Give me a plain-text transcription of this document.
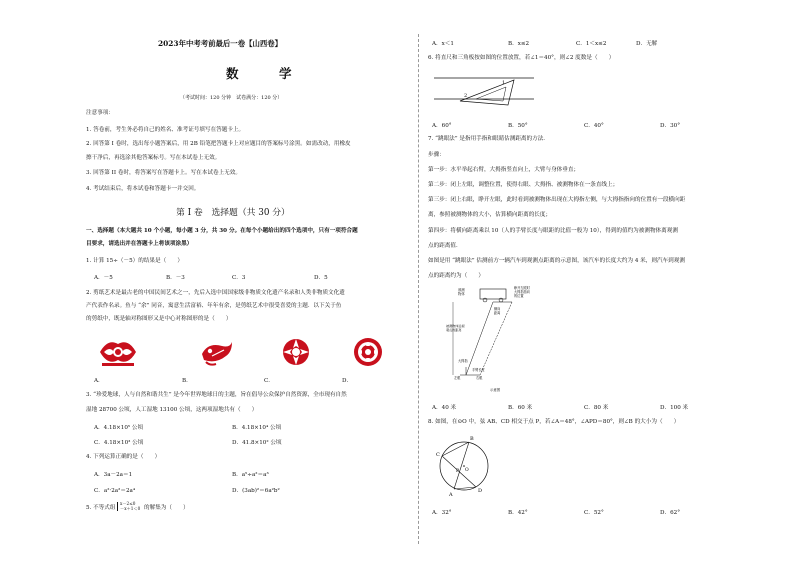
2023年中考考前最后一卷【山西卷】
数　学
（考试时间：120 分钟　试卷满分：120 分）
注意事项：
1. 答卷前，考生务必将自己的姓名、准考证号填写在答题卡上。
2. 回答第 I 卷时，选出每小题答案后，用 2B 铅笔把答题卡上对应题目的答案标号涂黑。如需改动，用橡皮
擦干净后，再选涂其他答案标号。写在本试卷上无效。
3. 回答第 II 卷时，将答案写在答题卡上。写在本试卷上无效。
4. 考试结束后，将本试卷和答题卡一并交回。
第 I 卷　选择题（共 30 分）
一、选择题（本大题共 10 个小题，每小题 3 分，共 30 分。在每个小题给出的四个选项中，只有一项符合题
目要求，请选出并在答题卡上将该项涂黑）
1. 计算 15÷（－5）的结果是（　　）
A．－5	B．－3	C．3	D．5
2. 剪纸艺术是最古老的中国民间艺术之一，先后入选中国国家级非物质文化遗产名录和人类非物质文化遗
产代表作名录。鱼与 “余” 同音，寓意生活富裕、年年有余，是剪纸艺术中很受喜爱的主题．以下关于鱼
的剪纸中，既是轴对称图形又是中心对称图形的是（　　）
A．	B．	C．	D．
3. “珍爱地球，人与自然和谐共生” 是今年世界地球日的主题，旨在倡导公众保护自然资源，全市现有自然
湿地 28700 公顷，人工湿地 13100 公顷，这两项湿地共有（　　）
A．4.18×10⁵ 公顷	B．4.18×10⁴ 公顷
C．4.18×10³ 公顷	D．41.8×10² 公顷
4. 下列运算正确的是（　　）
A．3a－2a＝1	B．a⁵÷a²＝a³
C．a²·2a²＝2a⁴	D．(3ab)²＝6a²b²
5. 不等式组
x－2≤0
－x＋1＜0 的解集为（　　）
A．x＜1	B．x≤2	C．1＜x≤2	D．无解
6. 将直尺和三角板按如图的位置放置，若∠1＝40°，则∠2 度数是（　　）
1
2
A．60°	B．50°	C．40°	D．30°
7. “跳眼法” 是指用手指和眼睛估测距离的方法．
步骤：
第一步：水平举起右臂，大拇指竖直向上，大臂与身体垂直；
第二步：闭上左眼，调整位置，使得右眼、大拇指、被测物体在一条直线上；
第三步：闭上右眼，睁开左眼，此时看到被测物体出现在大拇指左侧，与大拇指指向的位置有一段横向距
离，参照被测物体的大小，估算横向距离的长度；
第四步：将横向距离乘以 10（人的手臂长度与眼距的比值一般为 10），得到的值约为被测物体离观测
点的距离值．
如图是用 “跳眼法” 估测前方一辆汽车到观测点距离的示意图，该汽车的长度大约为 4 米，则汽车到观测
点的距离约为（　　）
被测物体
睁开左眼时大拇指指向的位置
横向距离
被测物体远视观点的距离
大拇指
手臂长度
左眼	右眼
示意图
A．40 米	B．60 米	C．80 米	D．100 米
8. 如图，在⊙O 中，弦 AB、CD 相交于点 P，若∠A＝48°，∠APD＝80°，则∠B 的大小为（　　）
B
C
A
D
O
P
A．32°	B．42°	C．52°	D．62°
